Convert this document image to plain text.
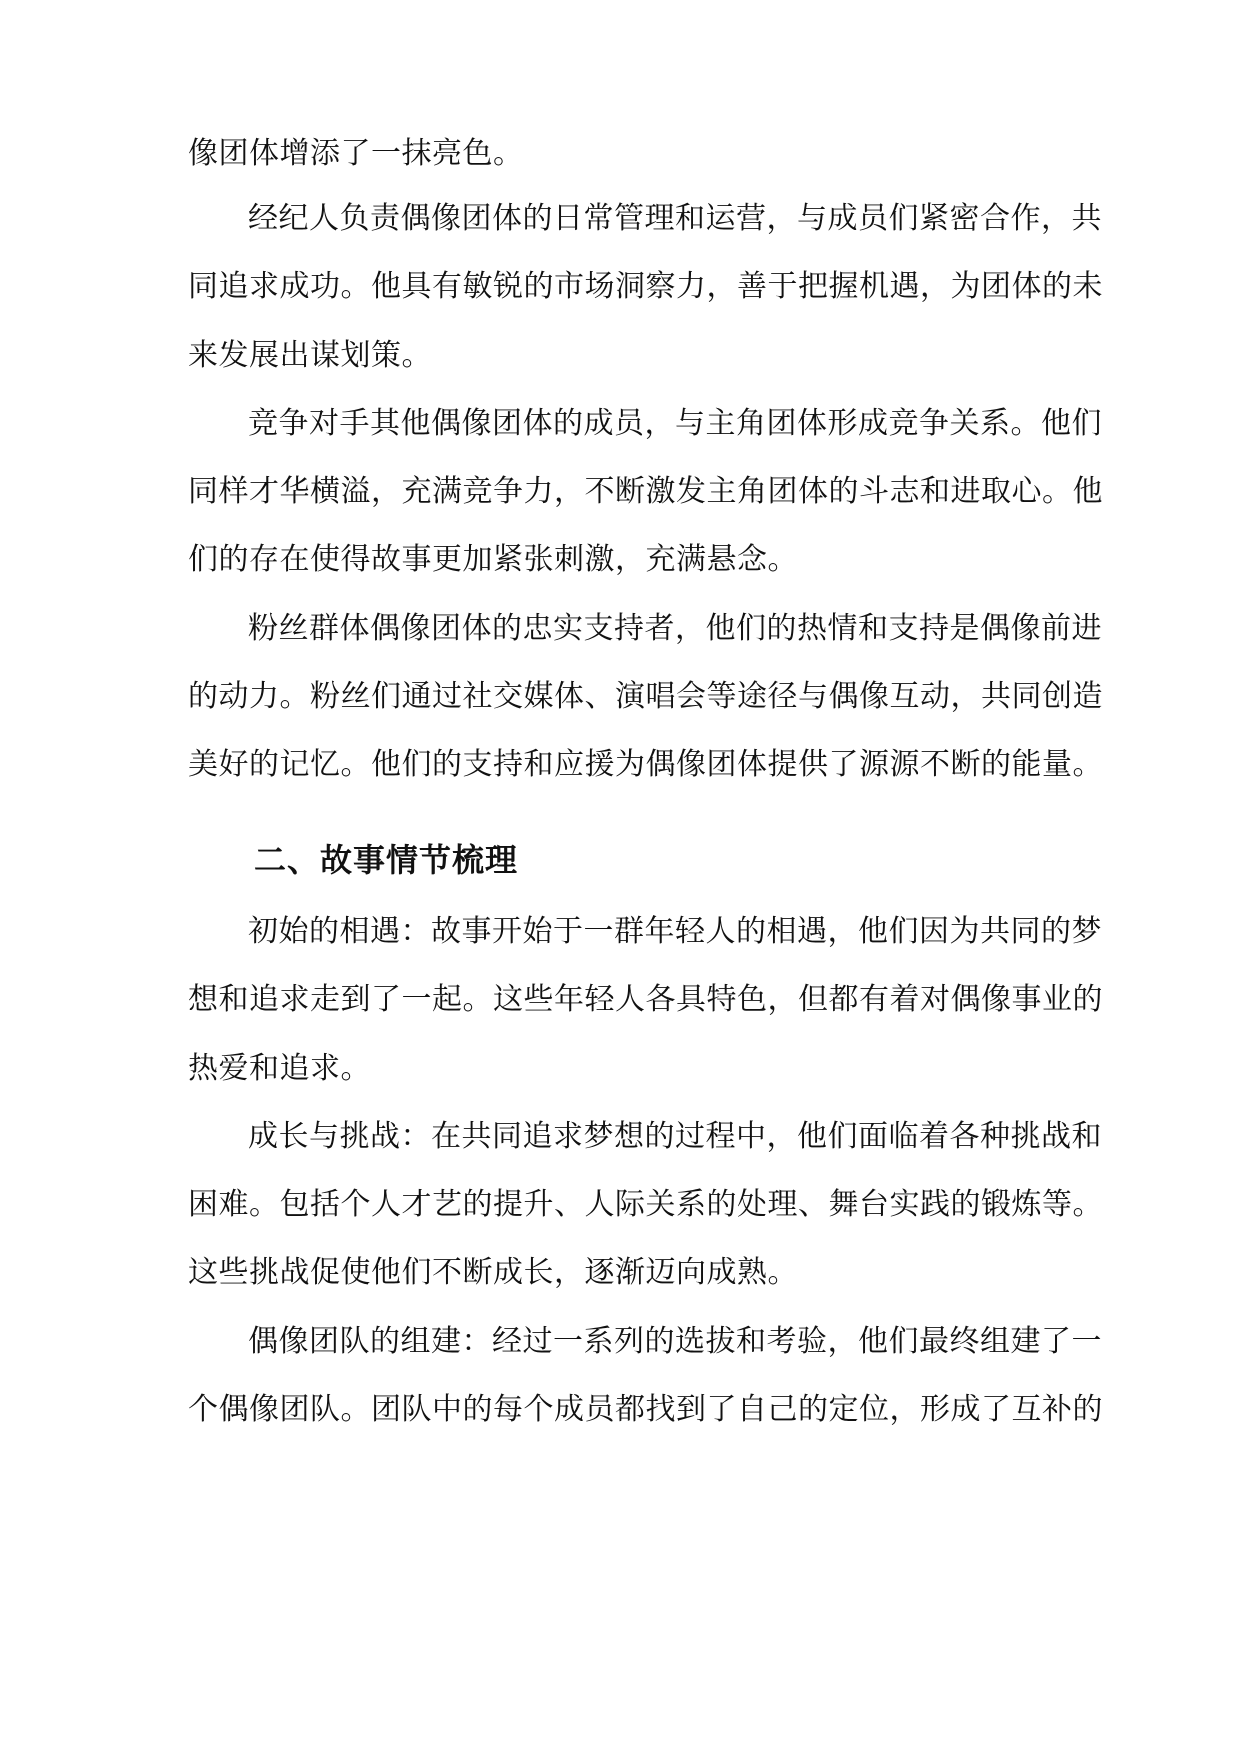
像团体增添了一抹亮色。
经纪人负责偶像团体的日常管理和运营，与成员们紧密合作，共
同追求成功。他具有敏锐的市场洞察力，善于把握机遇，为团体的未
来发展出谋划策。
竞争对手其他偶像团体的成员，与主角团体形成竞争关系。他们
同样才华横溢，充满竞争力，不断激发主角团体的斗志和进取心。他
们的存在使得故事更加紧张刺激，充满悬念。
粉丝群体偶像团体的忠实支持者，他们的热情和支持是偶像前进
的动力。粉丝们通过社交媒体、演唱会等途径与偶像互动，共同创造
美好的记忆。他们的支持和应援为偶像团体提供了源源不断的能量。
二、故事情节梳理
初始的相遇：故事开始于一群年轻人的相遇，他们因为共同的梦
想和追求走到了一起。这些年轻人各具特色，但都有着对偶像事业的
热爱和追求。
成长与挑战：在共同追求梦想的过程中，他们面临着各种挑战和
困难。包括个人才艺的提升、人际关系的处理、舞台实践的锻炼等。
这些挑战促使他们不断成长，逐渐迈向成熟。
偶像团队的组建：经过一系列的选拔和考验，他们最终组建了一
个偶像团队。团队中的每个成员都找到了自己的定位，形成了互补的
